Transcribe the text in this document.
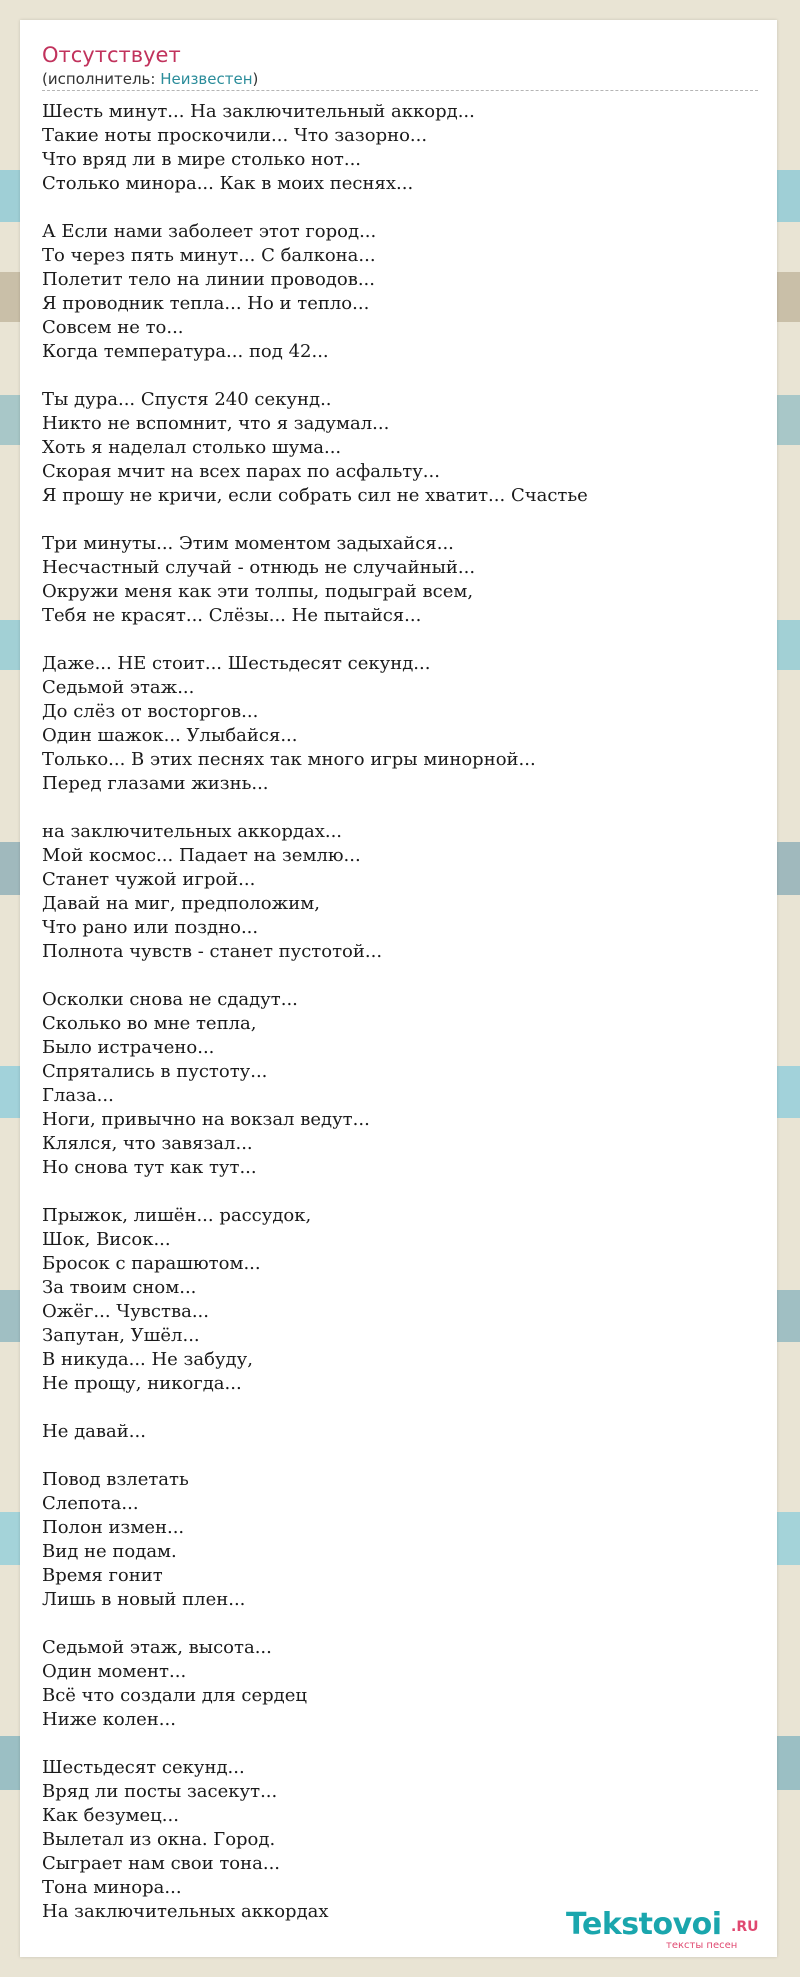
Отсутствует
(исполнитель: Неизвестен)
Шесть минут... На заключительный аккорд...
Такие ноты проскочили... Что зазорно...
Что вряд ли в мире столько нот...
Столько минора... Как в моих песнях...
А Если нами заболеет этот город...
То через пять минут... С балкона...
Полетит тело на линии проводов...
Я проводник тепла... Но и тепло...
Совсем не то...
Когда температура... под 42...
Ты дура... Спустя 240 секунд..
Никто не вспомнит, что я задумал...
Хоть я наделал столько шума...
Скорая мчит на всех парах по асфальту...
Я прошу не кричи, если собрать сил не хватит... Счастье
Три минуты... Этим моментом задыхайся...
Несчастный случай - отнюдь не случайный...
Окружи меня как эти толпы, подыграй всем,
Тебя не красят... Слёзы... Не пытайся...
Даже... НЕ стоит... Шестьдесят секунд...
Седьмой этаж...
До слёз от восторгов...
Один шажок... Улыбайся...
Только... В этих песнях так много игры минорной...
Перед глазами жизнь...
на заключительных аккордах...
Мой космос... Падает на землю...
Станет чужой игрой...
Давай на миг, предположим,
Что рано или поздно...
Полнота чувств - станет пустотой...
Осколки снова не сдадут...
Сколько во мне тепла,
Было истрачено...
Спрятались в пустоту...
Глаза...
Ноги, привычно на вокзал ведут...
Клялся, что завязал...
Но снова тут как тут...
Прыжок, лишён... рассудок,
Шок, Висок...
Бросок с парашютом...
За твоим сном...
Ожёг... Чувства...
Запутан, Ушёл...
В никуда... Не забуду,
Не прощу, никогда...
Не давай...
Повод взлетать
Слепота...
Полон измен...
Вид не подам.
Время гонит
Лишь в новый плен...
Седьмой этаж, высота...
Один момент...
Всё что создали для сердец
Ниже колен...
Шестьдесят секунд...
Вряд ли посты засекут...
Как безумец...
Вылетал из окна. Город.
Сыграет нам свои тона...
Тона минора...
На заключительных аккордах	Tekstovoi .RU
тексты песен
